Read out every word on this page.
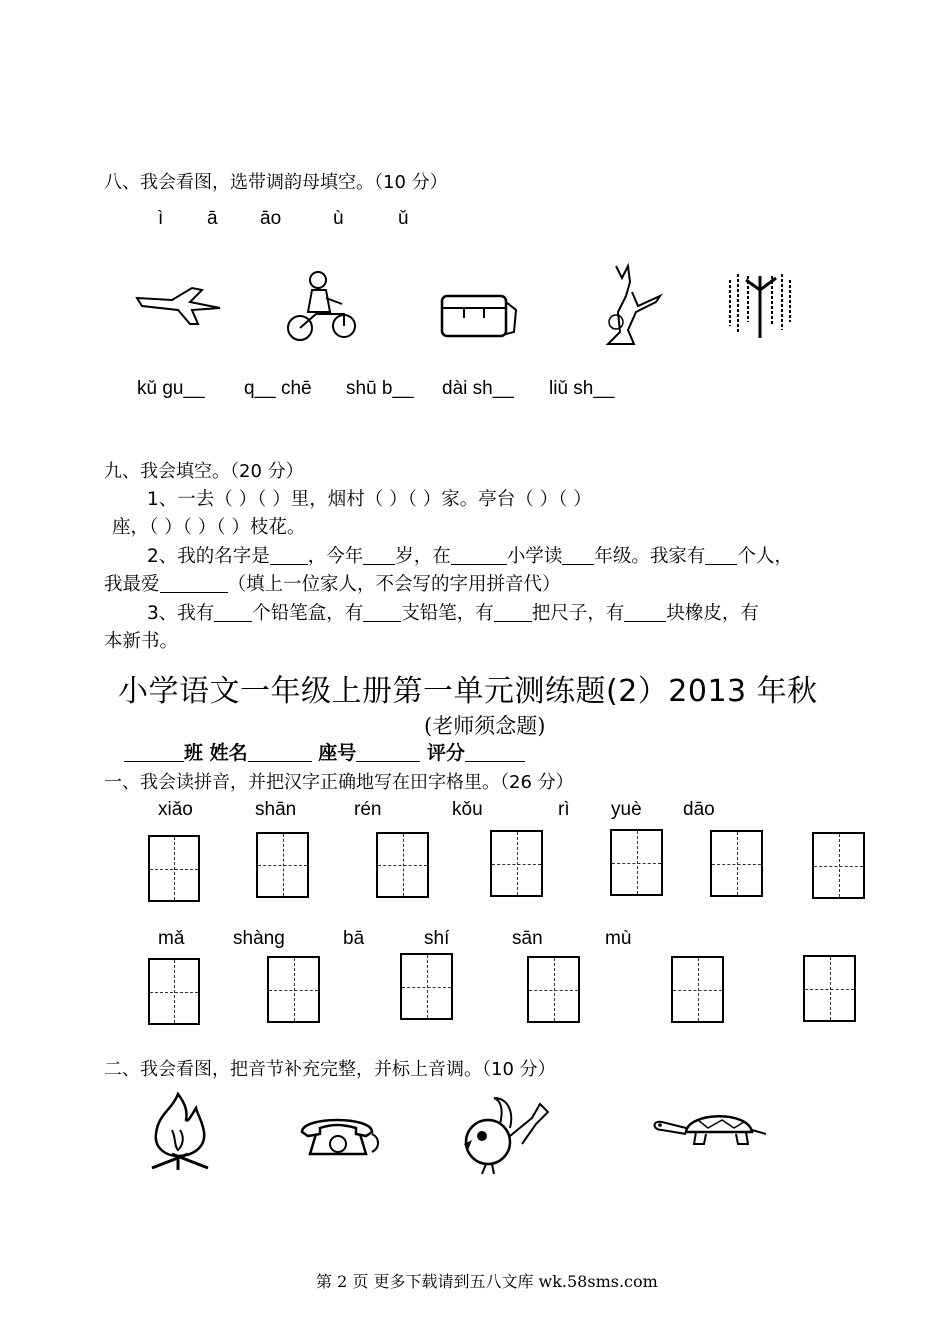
八、我会看图，选带调韵母填空。（10 分）
ì ā āo	ù	ǔ
kǔ gu__ q__ chē shū b__ dài sh__ liǔ sh__
九、我会填空。（20 分）
1、一去（ ）（ ）里，烟村（ ）（ ）家。亭台（ ）（ ）
座，（ ）（ ）（ ）枝花。
2、我的名字是 ，今年 岁，在	小学读 年级。我家有 个人，
我最爱	（填上一位家人，不会写的字用拼音代）
3、我有 个铅笔盒，有 支铅笔，有 把尺子，有 块橡皮，有
本新书。
小学语文一年级上册第一单元测练题(2）2013 年秋
(老师须念题)
班 姓名	座号	评分
一、我会读拼音，并把汉字正确地写在田字格里。（26 分）
xiǎo	shān	rén	kǒu	rì yuè dāo
mǎ	shàng	bā	shí	sān	mù
二、我会看图，把音节补充完整，并标上音调。（10 分）
第 2 页 更多下载请到五八文库 wk.58sms.com
